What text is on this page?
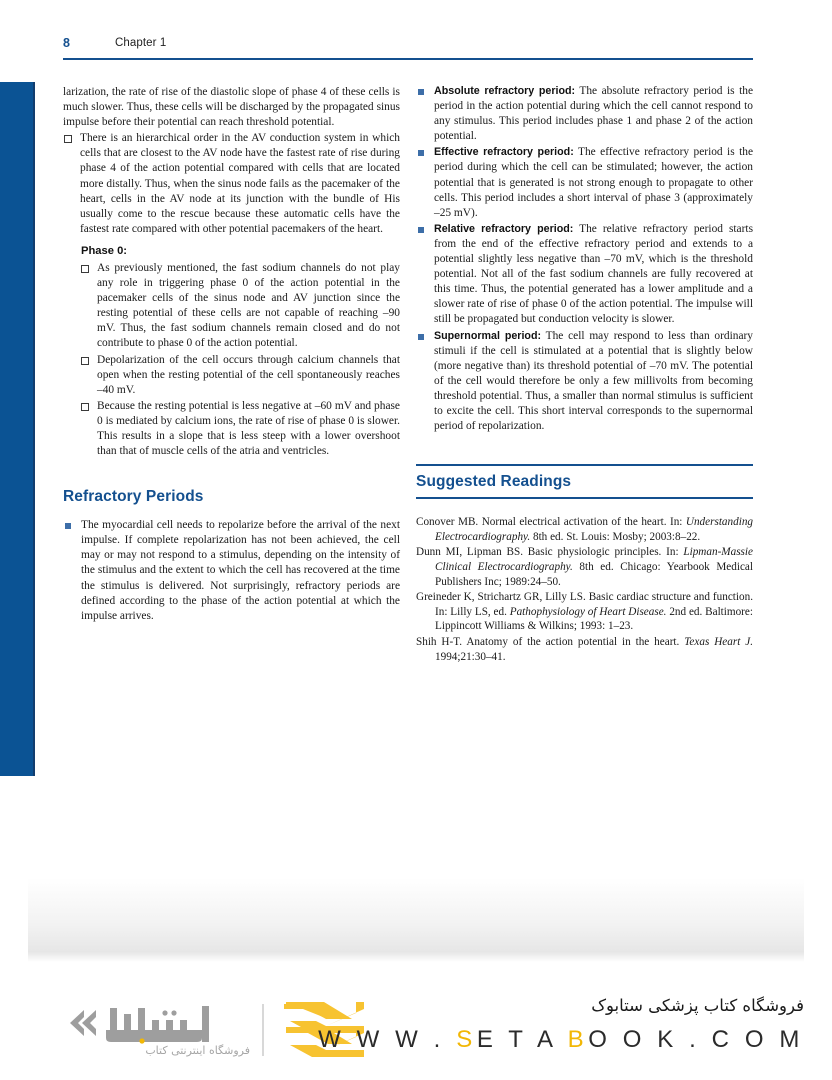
8	Chapter 1
larization, the rate of rise of the diastolic slope of phase 4 of these cells is much slower. Thus, these cells will be discharged by the propagated sinus impulse before their potential can reach threshold potential.
There is an hierarchical order in the AV conduction system in which cells that are closest to the AV node have the fastest rate of rise during phase 4 of the action potential compared with cells that are located more distally. Thus, when the sinus node fails as the pacemaker of the heart, cells in the AV node at its junction with the bundle of His usually come to the rescue because these automatic cells have the fastest rate compared with other potential pacemakers of the heart.
Phase 0:
As previously mentioned, the fast sodium channels do not play any role in triggering phase 0 of the action potential in the pacemaker cells of the sinus node and AV junction since the resting potential of these cells are not capable of reaching –90 mV. Thus, the fast sodium channels remain closed and do not contribute to phase 0 of the action potential.
Depolarization of the cell occurs through calcium channels that open when the resting potential of the cell spontaneously reaches –40 mV.
Because the resting potential is less negative at –60 mV and phase 0 is mediated by calcium ions, the rate of rise of phase 0 is slower. This results in a slope that is less steep with a lower overshoot than that of muscle cells of the atria and ventricles.
Refractory Periods
The myocardial cell needs to repolarize before the arrival of the next impulse. If complete repolarization has not been achieved, the cell may or may not respond to a stimulus, depending on the intensity of the stimulus and the extent to which the cell has recovered at the time the stimulus is delivered. Not surprisingly, refractory periods are defined according to the phase of the action potential at which the impulse arrives.
Absolute refractory period: The absolute refractory period is the period in the action potential during which the cell cannot respond to any stimulus. This period includes phase 1 and phase 2 of the action potential.
Effective refractory period: The effective refractory period is the period during which the cell can be stimulated; however, the action potential that is generated is not strong enough to propagate to other cells. This period includes a short interval of phase 3 (approximately –25 mV).
Relative refractory period: The relative refractory period starts from the end of the effective refractory period and extends to a potential slightly less negative than –70 mV, which is the threshold potential. Not all of the fast sodium channels are fully recovered at this time. Thus, the potential generated has a lower amplitude and a slower rate of rise of phase 0 of the action potential. The impulse will still be propagated but conduction velocity is slower.
Supernormal period: The cell may respond to less than ordinary stimuli if the cell is stimulated at a potential that is slightly below (more negative than) its threshold potential of –70 mV. The potential of the cell would therefore be only a few millivolts from becoming threshold potential. Thus, a smaller than normal stimulus is sufficient to excite the cell. This short interval corresponds to the supernormal period of repolarization.
Suggested Readings
Conover MB. Normal electrical activation of the heart. In: Understanding Electrocardiography. 8th ed. St. Louis: Mosby; 2003:8–22.
Dunn MI, Lipman BS. Basic physiologic principles. In: Lipman-Massie Clinical Electrocardiography. 8th ed. Chicago: Yearbook Medical Publishers Inc; 1989:24–50.
Greineder K, Strichartz GR, Lilly LS. Basic cardiac structure and function. In: Lilly LS, ed. Pathophysiology of Heart Disease. 2nd ed. Baltimore: Lippincott Williams & Wilkins; 1993: 1–23.
Shih H-T. Anatomy of the action potential in the heart. Texas Heart J. 1994;21:30–41.
فروشگاه اینترنتی کتاب
فروشگاه کتاب پزشکی ستابوک
W W W . SE T A BO O K . C O M
